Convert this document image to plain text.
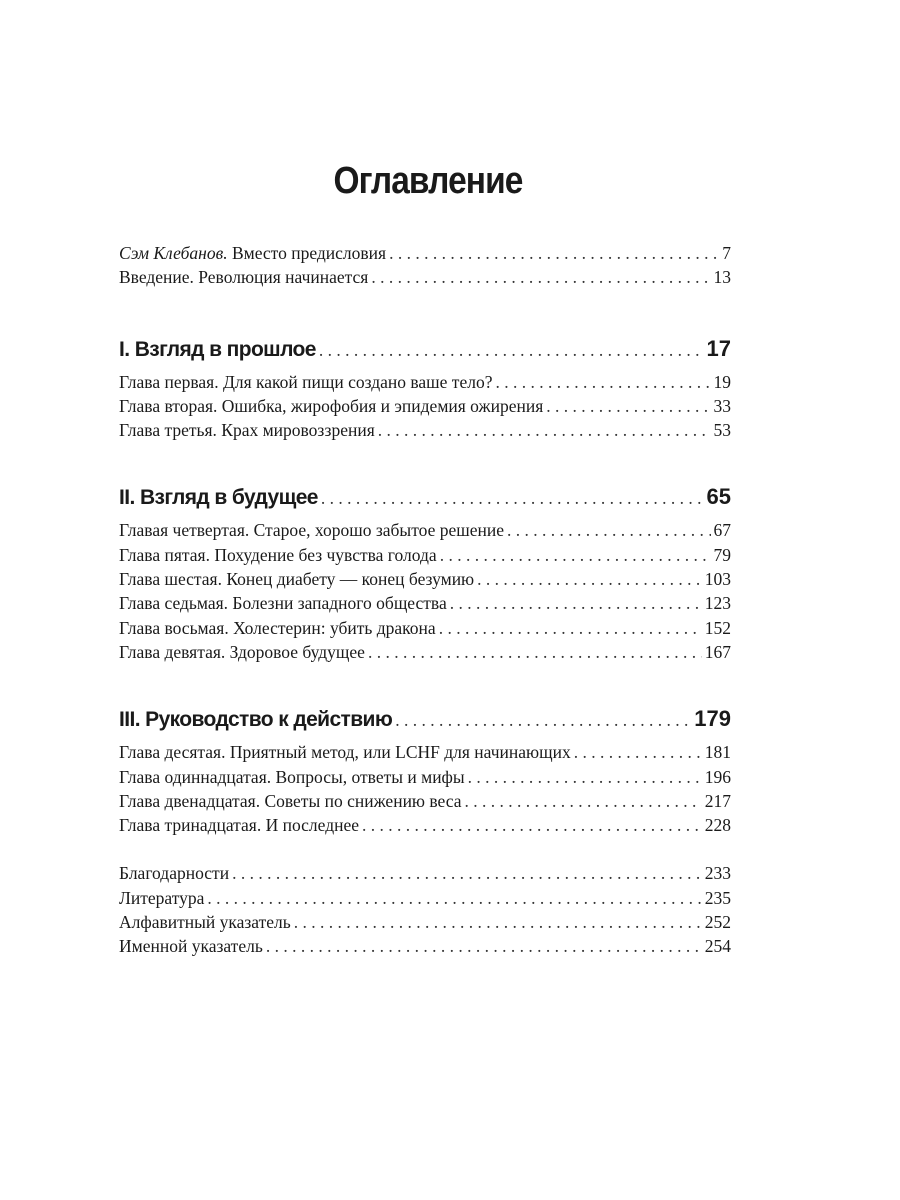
Оглавление
Сэм Клебанов. Вместо предисловия . . .	7
Введение. Революция начинается . . .	13
I. Взгляд в прошлое . . .	17
Глава первая. Для какой пищи создано ваше тело? . . .	19
Глава вторая. Ошибка, жирофобия и эпидемия ожирения . . .	33
Глава третья. Крах мировоззрения . . .	53
II. Взгляд в будущее . . .	65
Главая четвертая. Старое, хорошо забытое решение . . .	67
Глава пятая. Похудение без чувства голода . . .	79
Глава шестая. Конец диабету — конец безумию . . .	103
Глава седьмая. Болезни западного общества . . .	123
Глава восьмая. Холестерин: убить дракона . . .	152
Глава девятая. Здоровое будущее . . .	167
III. Руководство к действию . . .	179
Глава десятая. Приятный метод, или LCHF для начинающих . . .	181
Глава одиннадцатая. Вопросы, ответы и мифы . . .	196
Глава двенадцатая. Советы по снижению веса . . .	217
Глава тринадцатая. И последнее . . .	228
Благодарности . . .	233
Литература . . .	235
Алфавитный указатель . . .	252
Именной указатель . . .	254
